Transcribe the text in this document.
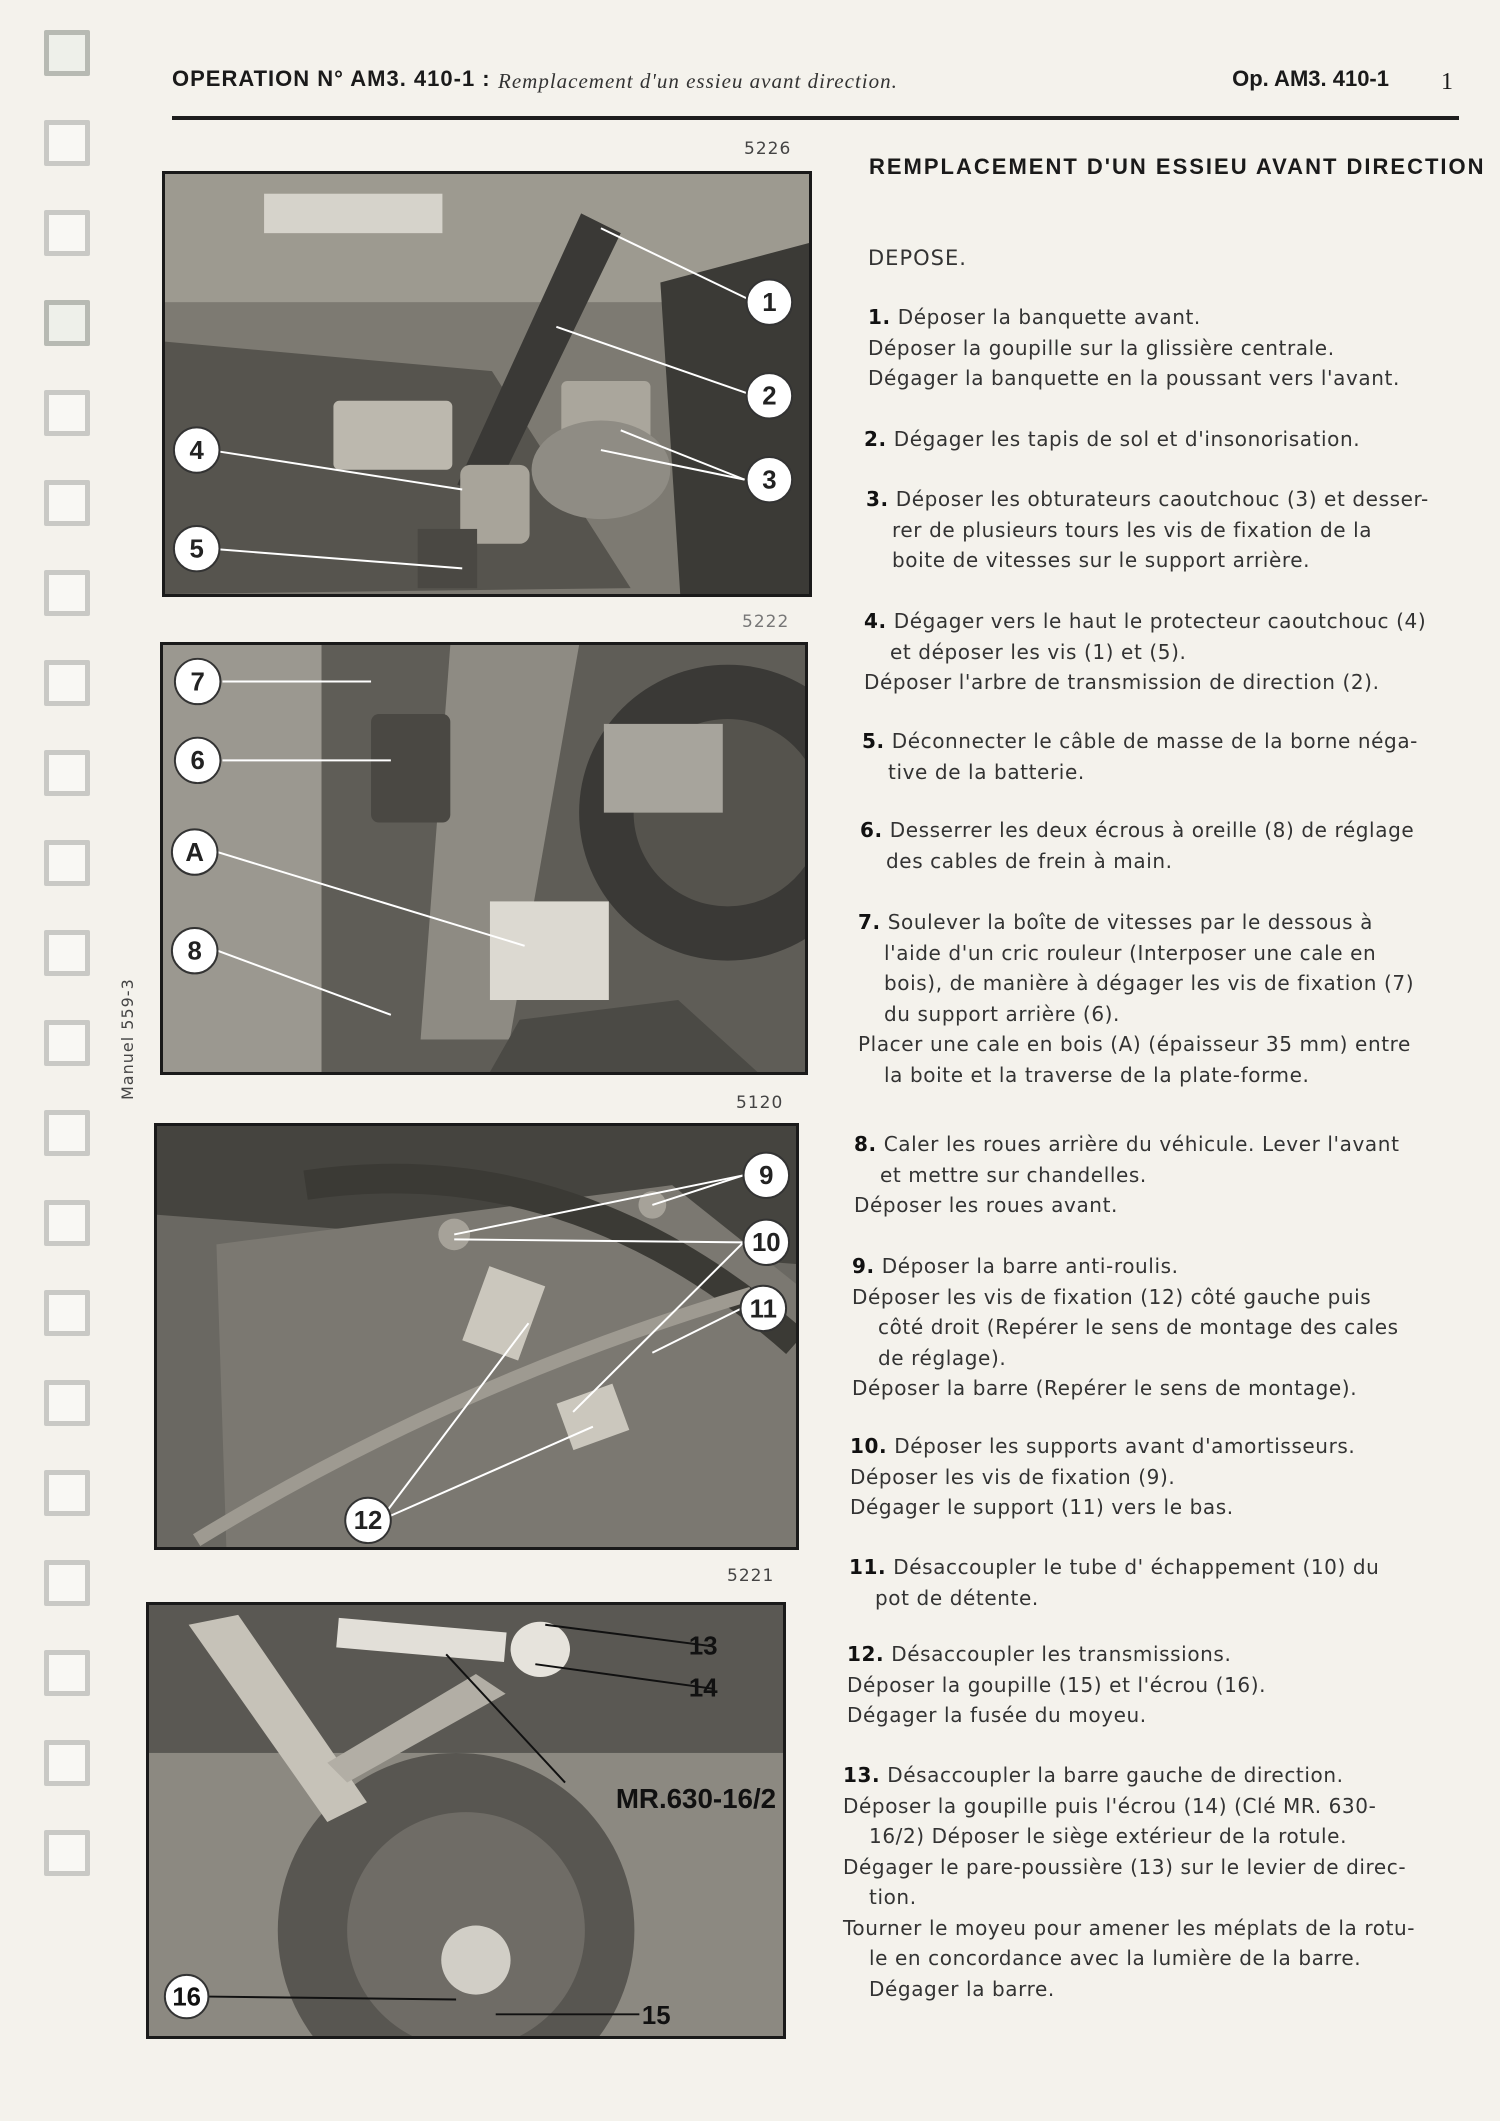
Manuel 559-3
OPERATION N° AM3. 410-1 : Remplacement d'un essieu avant direction.	Op. AM3. 410-1 1
5226
5222
5120
5221
1
2
3
4
5
7
6
A
8
9
10
11
12
13
14
16
15
MR.630-16/2
REMPLACEMENT D'UN ESSIEU AVANT DIRECTION
DEPOSE.

1. Déposer la banquette avant.

Déposer la goupille sur la glissière centrale.

Dégager la banquette en la poussant vers l'avant.

2. Dégager les tapis de sol et d'insonorisation.

3. Déposer les obturateurs caoutchouc (3) et desser-

rer de plusieurs tours les vis de fixation de la

boite de vitesses sur le support arrière.

4. Dégager vers le haut le protecteur caoutchouc (4)

et déposer les vis (1) et (5).

Déposer l'arbre de transmission de direction (2).

5. Déconnecter le câble de masse de la borne néga-

tive de la batterie.

6. Desserrer les deux écrous à oreille (8) de réglage

des cables de frein à main.

7. Soulever la boîte de vitesses par le dessous à

l'aide d'un cric rouleur (Interposer une cale en

bois), de manière à dégager les vis de fixation (7)

du support arrière (6).

Placer une cale en bois (A) (épaisseur 35 mm) entre

la boite et la traverse de la plate-forme.

8. Caler les roues arrière du véhicule. Lever l'avant

et mettre sur chandelles.

Déposer les roues avant.

9. Déposer la barre anti-roulis.

Déposer les vis de fixation (12) côté gauche puis

côté droit (Repérer le sens de montage des cales

de réglage).

Déposer la barre (Repérer le sens de montage).

10. Déposer les supports avant d'amortisseurs.

Déposer les vis de fixation (9).

Dégager le support (11) vers le bas.

11. Désaccoupler le tube d' échappement (10) du

pot de détente.

12. Désaccoupler les transmissions.

Déposer la goupille (15) et l'écrou (16).

Dégager la fusée du moyeu.

13. Désaccoupler la barre gauche de direction.

Déposer la goupille puis l'écrou (14) (Clé MR. 630-

16/2) Déposer le siège extérieur de la rotule.

Dégager le pare-poussière (13) sur le levier de direc-

tion.

Tourner le moyeu pour amener les méplats de la rotu-

le en concordance avec la lumière de la barre.

Dégager la barre.
